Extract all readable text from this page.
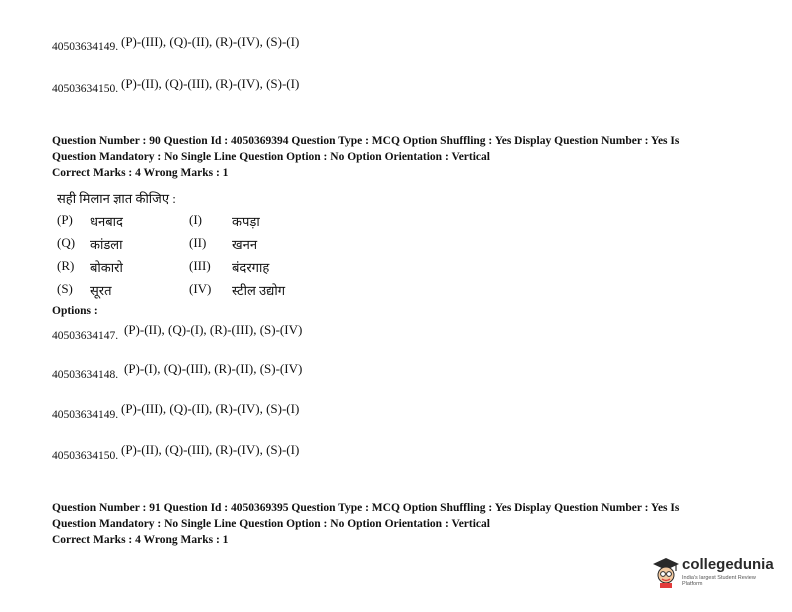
40503634149. (P)-(III), (Q)-(II), (R)-(IV), (S)-(I)
40503634150. (P)-(II), (Q)-(III), (R)-(IV), (S)-(I)
Question Number : 90 Question Id : 4050369394 Question Type : MCQ Option Shuffling : Yes Display Question Number : Yes Is
Question Mandatory : No Single Line Question Option : No Option Orientation : Vertical
Correct Marks : 4 Wrong Marks : 1
सही मिलान ज्ञात कीजिए :
(P) धनबाद	(I) कपड़ा
(Q) कांडला	(II) खनन
(R) बोकारो	(III) बंदरगाह
(S) सूरत	(IV) स्टील उद्योग
Options :
40503634147. (P)-(II), (Q)-(I), (R)-(III), (S)-(IV)
40503634148. (P)-(I), (Q)-(III), (R)-(II), (S)-(IV)
40503634149. (P)-(III), (Q)-(II), (R)-(IV), (S)-(I)
40503634150. (P)-(II), (Q)-(III), (R)-(IV), (S)-(I)
Question Number : 91 Question Id : 4050369395 Question Type : MCQ Option Shuffling : Yes Display Question Number : Yes Is
Question Mandatory : No Single Line Question Option : No Option Orientation : Vertical
Correct Marks : 4 Wrong Marks : 1
collegedunia
India's largest Student Review Platform
